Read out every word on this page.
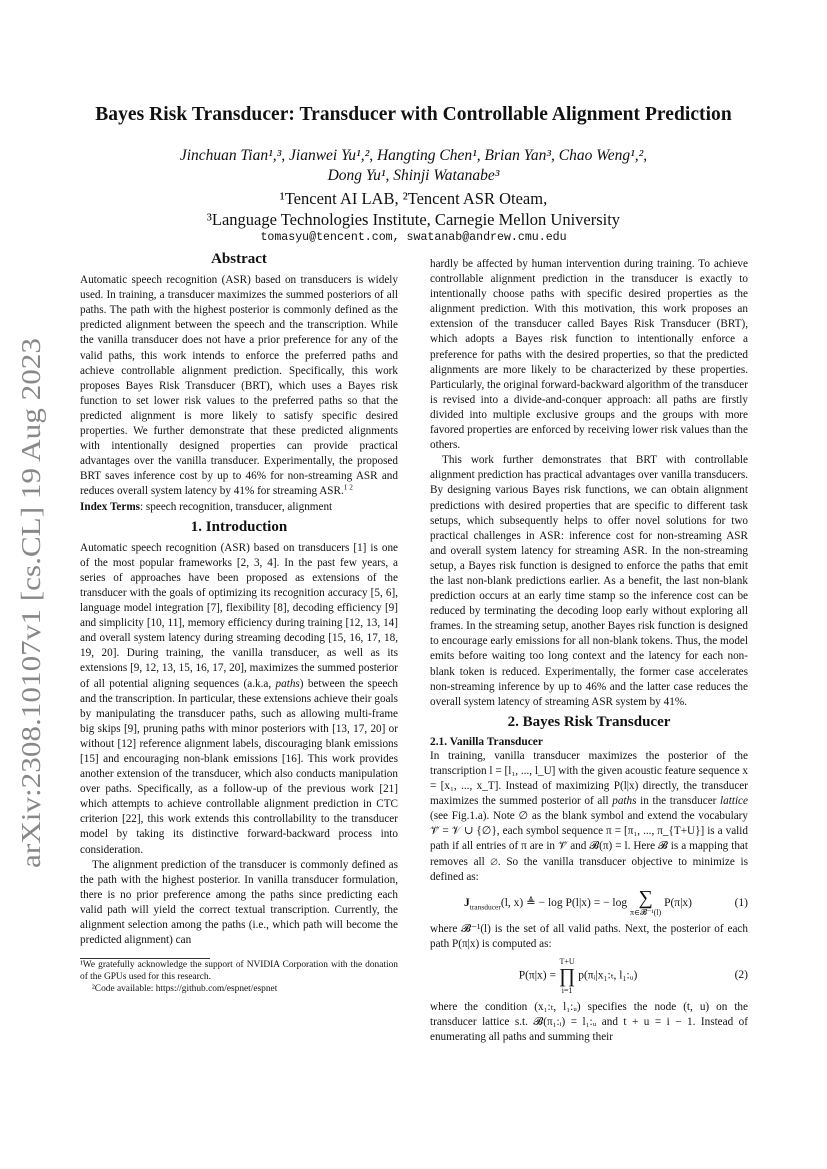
arXiv:2308.10107v1 [cs.CL] 19 Aug 2023
Bayes Risk Transducer: Transducer with Controllable Alignment Prediction
Jinchuan Tian¹,³, Jianwei Yu¹,², Hangting Chen¹, Brian Yan³, Chao Weng¹,²,
Dong Yu¹, Shinji Watanabe³
¹Tencent AI LAB, ²Tencent ASR Oteam,
³Language Technologies Institute, Carnegie Mellon University
tomasyu@tencent.com, swatanab@andrew.cmu.edu
Abstract

Automatic speech recognition (ASR) based on transducers is widely used. In training, a transducer maximizes the summed posteriors of all paths. The path with the highest posterior is commonly defined as the predicted alignment between the speech and the transcription. While the vanilla transducer does not have a prior preference for any of the valid paths, this work intends to enforce the preferred paths and achieve controllable alignment prediction. Specifically, this work proposes Bayes Risk Transducer (BRT), which uses a Bayes risk function to set lower risk values to the preferred paths so that the predicted alignment is more likely to satisfy specific desired properties. We further demonstrate that these predicted alignments with intentionally designed properties can provide practical advantages over the vanilla transducer. Experimentally, the proposed BRT saves inference cost by up to 46% for non-streaming ASR and reduces overall system latency by 41% for streaming ASR.$^{1 2}$

Index Terms: speech recognition, transducer, alignment

1. Introduction

Automatic speech recognition (ASR) based on transducers [1] is one of the most popular frameworks [2, 3, 4]. In the past few years, a series of approaches have been proposed as extensions of the transducer with the goals of optimizing its recognition accuracy [5, 6], language model integration [7], flexibility [8], decoding efficiency [9] and simplicity [10, 11], memory efficiency during training [12, 13, 14] and overall system latency during streaming decoding [15, 16, 17, 18, 19, 20]. During training, the vanilla transducer, as well as its extensions [9, 12, 13, 15, 16, 17, 20], maximizes the summed posterior of all potential aligning sequences (a.k.a, paths) between the speech and the transcription. In particular, these extensions achieve their goals by manipulating the transducer paths, such as allowing multi-frame big skips [9], pruning paths with minor posteriors with [13, 17, 20] or without [12] reference alignment labels, discouraging blank emissions [15] and encouraging non-blank emissions [16]. This work provides another extension of the transducer, which also conducts manipulation over paths. Specifically, as a follow-up of the previous work [21] which attempts to achieve controllable alignment prediction in CTC criterion [22], this work extends this controllability to the transducer model by taking its distinctive forward-backward process into consideration.

The alignment prediction of the transducer is commonly defined as the path with the highest posterior. In vanilla transducer formulation, there is no prior preference among the paths since predicting each valid path will yield the correct textual transcription. Currently, the alignment selection among the paths (i.e., which path will become the predicted alignment) can

¹We gratefully acknowledge the support of NVIDIA Corporation with the donation of the GPUs used for this research.

²Code available: https://github.com/espnet/espnet

hardly be affected by human intervention during training. To achieve controllable alignment prediction in the transducer is exactly to intentionally choose paths with specific desired properties as the alignment prediction. With this motivation, this work proposes an extension of the transducer called Bayes Risk Transducer (BRT), which adopts a Bayes risk function to intentionally enforce a preference for paths with the desired properties, so that the predicted alignments are more likely to be characterized by these properties. Particularly, the original forward-backward algorithm of the transducer is revised into a divide-and-conquer approach: all paths are firstly divided into multiple exclusive groups and the groups with more favored properties are enforced by receiving lower risk values than the others.

This work further demonstrates that BRT with controllable alignment prediction has practical advantages over vanilla transducers. By designing various Bayes risk functions, we can obtain alignment predictions with desired properties that are specific to different task setups, which subsequently helps to offer novel solutions for two practical challenges in ASR: inference cost for non-streaming ASR and overall system latency for streaming ASR. In the non-streaming setup, a Bayes risk function is designed to enforce the paths that emit the last non-blank predictions earlier. As a benefit, the last non-blank prediction occurs at an early time stamp so the inference cost can be reduced by terminating the decoding loop early without exploring all frames. In the streaming setup, another Bayes risk function is designed to encourage early emissions for all non-blank tokens. Thus, the model emits before waiting too long context and the latency for each non-blank token is reduced. Experimentally, the former case accelerates non-streaming inference by up to 46% and the latter case reduces the overall system latency of streaming ASR system by 41%.

2. Bayes Risk Transducer
2.1. Vanilla Transducer

In training, vanilla transducer maximizes the posterior of the transcription l = [l₁, ..., l_U] with the given acoustic feature sequence x = [x₁, ..., x_T]. Instead of maximizing P(l|x) directly, the transducer maximizes the summed posterior of all paths in the transducer lattice (see Fig.1.a). Note ∅ as the blank symbol and extend the vocabulary 𝒱̂ = 𝒱 ∪ {∅}, each symbol sequence π = [π₁, ..., π_{T+U}] is a valid path if all entries of π are in 𝒱̂ and 𝓑(π) = l. Here 𝓑 is a mapping that removes all ∅. So the vanilla transducer objective to minimize is defined as:

$J_{transducer}(l$, x) ≜ − log P(l|x) = − log ∑
π∈𝓑⁻¹(l)
P(π|x)	(1)

where 𝓑⁻¹(l) is the set of all valid paths. Next, the posterior of each path P(π|x) is computed as:

P(π|x) =
T+U
∏
i=1
p(πᵢ|x₁:ₜ, l₁:ᵤ)	(2)

where the condition (x₁:ₜ, l₁:ᵤ) specifies the node (t, u) on the transducer lattice s.t. 𝓑(π₁:ᵢ) = l₁:ᵤ and t + u = i − 1. Instead of enumerating all paths and summing their
